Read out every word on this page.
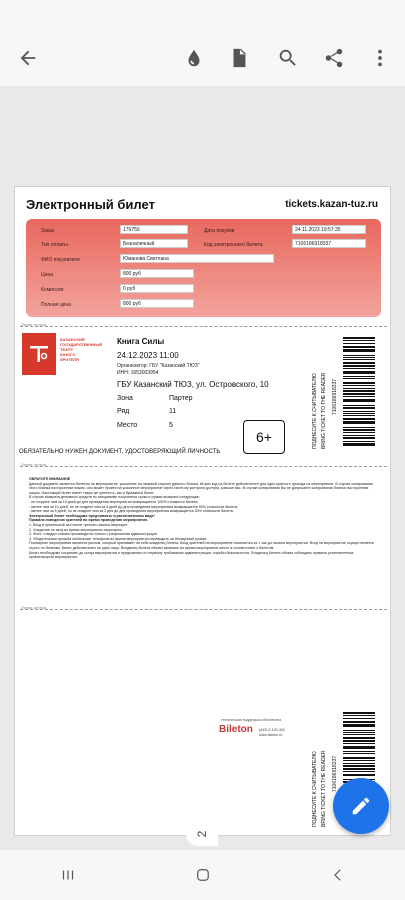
Электронный билет	tickets.kazan-tuz.ru
Заказ	176759	Дата покупки	24.11.2023 19:57:35
Тип оплаты	Безналичный	Код электронного билета	7106186918337
ФИО покупателя	Юманова Светлана
Цена	800 руб
Комиссия	0 руб
Полная цена	800 руб
Линия отреза
КАЗАНСКИЙ
ГОСУДАРСТВЕННЫЙ
ТЕАТР
ЮНОГО
ЗРИТЕЛЯ
Книга Силы
24.12.2023 11:00
Организатор: ГБУ "Казанский ТЮЗ"
ИНН: 1653003954
ГБУ Казанский ТЮЗ, ул. Островского, 10
Зона	Партер
Ряд	11
Место	5
6+	ПОДНЕСИТЕ К СЧИТЫВАТЕЛЮ BRING TICKET TO THE READER 7106186918337
ОБЯЗАТЕЛЬНО НУЖЕН ДОКУМЕНТ, УДОСТОВЕРЯЮЩИЙ ЛИЧНОСТЬ
Линия отреза
ОБРАТИТЕ ВНИМАНИЕ
Данный документ является билетом на мероприятие, указанное на лицевой стороне данного бланка. Штрих код на билете действителен для одно-кратного прохода на мероприятие. В случае копирования этого бланка посторонним лицом, оно может пройти на указанное мероприятие через систе-му контроля доступа, раньше вас. В случае копирования Вы не допускаете копирования бланка посторонним лицом. Настоящий билет имеет такую же ценность, как и бумажный билет.
В случае возврата денежных средств по инициативе покупателя сроки и суммы возврата следующие:
- не позднее чем за 10 дней до дня проведения мероприятия возвращается 100% стоимости билета;
- менее чем за 10 дней, но не позднее чем за 5 дней до дня проведения мероприятия возвращается 50% стоимости билета;
- менее чем за 5 дней, но не позднее чем за 3 дня до дня проведения мероприятия возвращается 30% стоимости билета.
Электронный билет необходимо предъявлять в распечатанном виде!
Правила поведения зрителей во время проведения мероприятия.
1. Вход в зрительный зал после третьего звонка запрещен.
2. Хождение по залу во время мероприятия запрещено.
3. Фото- и видео съемка производится только с разрешения администрации.
4. Убедительная просьба мобильные телефоны во время мероприятия переводить на беззвучный режим.
Посещение мероприятия является риском, который принимает на себя владелец билета. Вход зрителей на мероприятие начинается за 1 час до начала мероприятия. Вход на мероприятие осуществляется строго по билетам. Билет действителен на одно лицо. Владелец билета обязан занимать во время мероприятия место в соответствии с билетом.
Билет необходимо сохранять до конца мероприятия и предъявлять по первому требованию администрации, службы безопасности. Владелец билета обязан соблюдать правила установленные организатором мероприятия.
Линия отреза
ПОДНЕСИТЕ К СЧИТЫВАТЕЛЮ BRING TICKET TO THE READER 7106186918337
техническая поддержка обеспечена
Bileton (843) 5-100-400
www.bileton.ru
2
